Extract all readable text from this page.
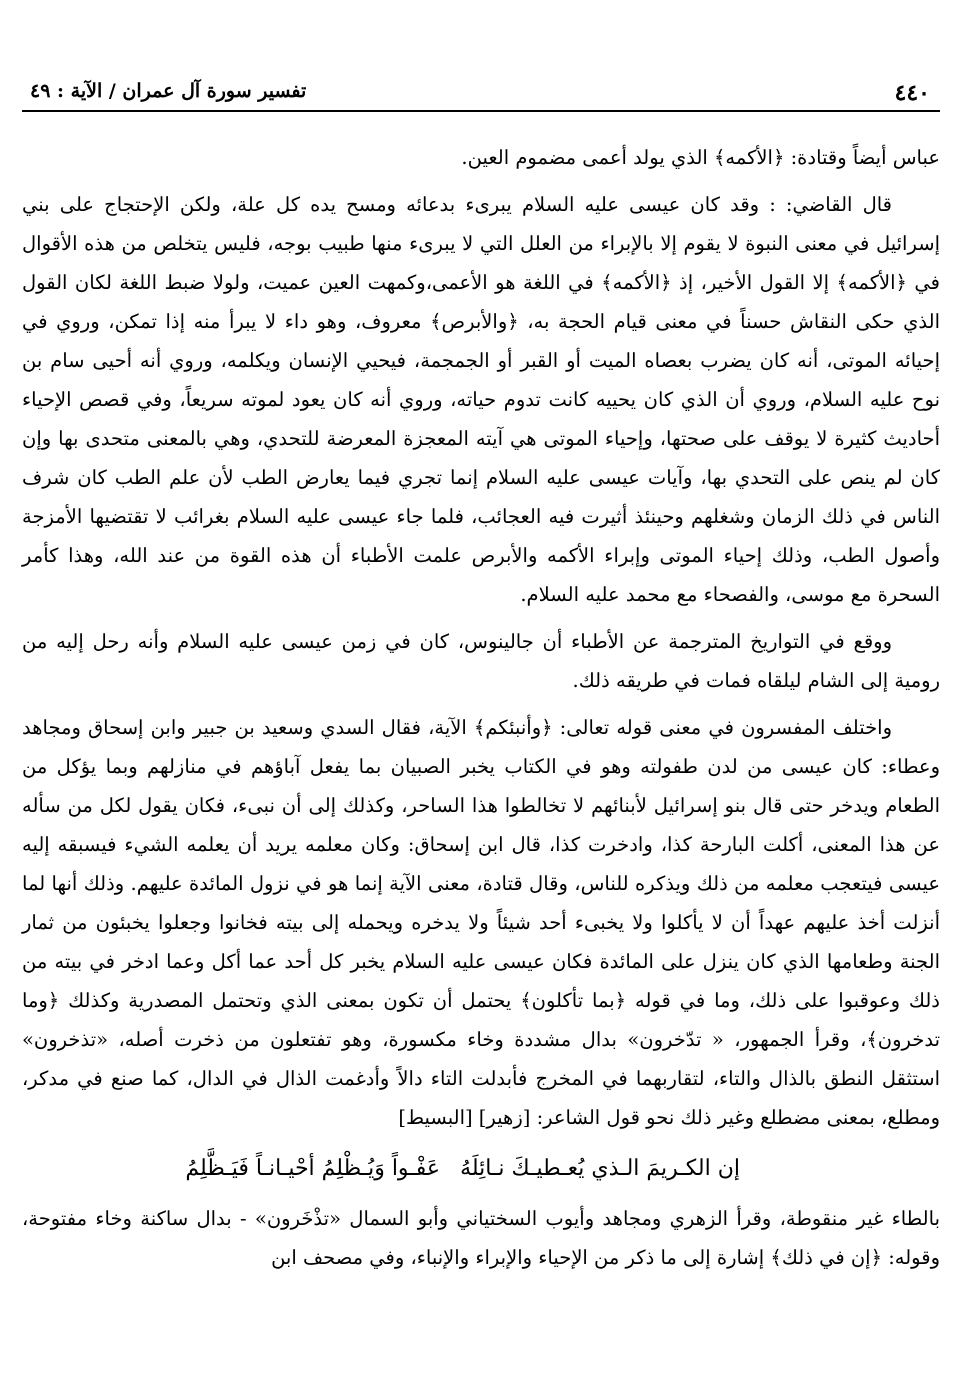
٤٤٠
تفسير سورة آل عمران / الآية : ٤٩

عباس أيضاً وقتادة: ﴿الأكمه﴾ الذي يولد أعمى مضموم العين.

قال القاضي: : وقد كان عيسى عليه السلام يبرىء بدعائه ومسح يده كل علة، ولكن الإحتجاج على بني إسرائيل في معنى النبوة لا يقوم إلا بالإبراء من العلل التي لا يبرىء منها طبيب بوجه، فليس يتخلص من هذه الأقوال في ﴿الأكمه﴾ إلا القول الأخير، إذ ﴿الأكمه﴾ في اللغة هو الأعمى،وكمهت العين عميت، ولولا ضبط اللغة لكان القول الذي حكى النقاش حسناً في معنى قيام الحجة به، ﴿والأبرص﴾ معروف، وهو داء لا يبرأ منه إذا تمكن، وروي في إحيائه الموتى، أنه كان يضرب بعصاه الميت أو القبر أو الجمجمة، فيحيي الإنسان ويكلمه، وروي أنه أحيى سام بن نوح عليه السلام، وروي أن الذي كان يحييه كانت تدوم حياته، وروي أنه كان يعود لموته سريعاً، وفي قصص الإحياء أحاديث كثيرة لا يوقف على صحتها، وإحياء الموتى هي آيته المعجزة المعرضة للتحدي، وهي بالمعنى متحدى بها وإن كان لم ينص على التحدي بها، وآيات عيسى عليه السلام إنما تجري فيما يعارض الطب لأن علم الطب كان شرف الناس في ذلك الزمان وشغلهم وحينئذ أثيرت فيه العجائب، فلما جاء عيسى عليه السلام بغرائب لا تقتضيها الأمزجة وأصول الطب، وذلك إحياء الموتى وإبراء الأكمه والأبرص علمت الأطباء أن هذه القوة من عند الله، وهذا كأمر السحرة مع موسى، والفصحاء مع محمد عليه السلام.

ووقع في التواريخ المترجمة عن الأطباء أن جالينوس، كان في زمن عيسى عليه السلام وأنه رحل إليه من رومية إلى الشام ليلقاه فمات في طريقه ذلك.

واختلف المفسرون في معنى قوله تعالى: ﴿وأنبئكم﴾ الآية، فقال السدي وسعيد بن جبير وابن إسحاق ومجاهد وعطاء: كان عيسى من لدن طفولته وهو في الكتاب يخبر الصبيان بما يفعل آباؤهم في منازلهم وبما يؤكل من الطعام ويدخر حتى قال بنو إسرائيل لأبنائهم لا تخالطوا هذا الساحر، وكذلك إلى أن نبىء، فكان يقول لكل من سأله عن هذا المعنى، أكلت البارحة كذا، وادخرت كذا، قال ابن إسحاق: وكان معلمه يريد أن يعلمه الشيء فيسبقه إليه عيسى فيتعجب معلمه من ذلك ويذكره للناس، وقال قتادة، معنى الآية إنما هو في نزول المائدة عليهم. وذلك أنها لما أنزلت أخذ عليهم عهداً أن لا يأكلوا ولا يخبىء أحد شيئاً ولا يدخره ويحمله إلى بيته فخانوا وجعلوا يخبئون من ثمار الجنة وطعامها الذي كان ينزل على المائدة فكان عيسى عليه السلام يخبر كل أحد عما أكل وعما ادخر في بيته من ذلك وعوقبوا على ذلك، وما في قوله ﴿بما تأكلون﴾ يحتمل أن تكون بمعنى الذي وتحتمل المصدرية وكذلك ﴿وما تدخرون﴾، وقرأ الجمهور، « تدّخرون» بدال مشددة وخاء مكسورة، وهو تفتعلون من ذخرت أصله، «تذخرون» استثقل النطق بالذال والتاء، لتقاربهما في المخرج فأبدلت التاء دالاً وأدغمت الذال في الدال، كما صنع في مدكر، ومطلع، بمعنى مضطلع وغير ذلك نحو قول الشاعر: [زهير] [البسيط]

إن الكـريمَ الـذي يُعـطيـكَ نـائِلَهُ
عَفْـواً وَيُـظْلِمُ أحْيـانـاً فَيَـظَّلِمُ

بالطاء غير منقوطة، وقرأ الزهري ومجاهد وأيوب السختياني وأبو السمال «تذْخَرون» - بدال ساكنة وخاء مفتوحة، وقوله: ﴿إن في ذلك﴾ إشارة إلى ما ذكر من الإحياء والإبراء والإنباء، وفي مصحف ابن
